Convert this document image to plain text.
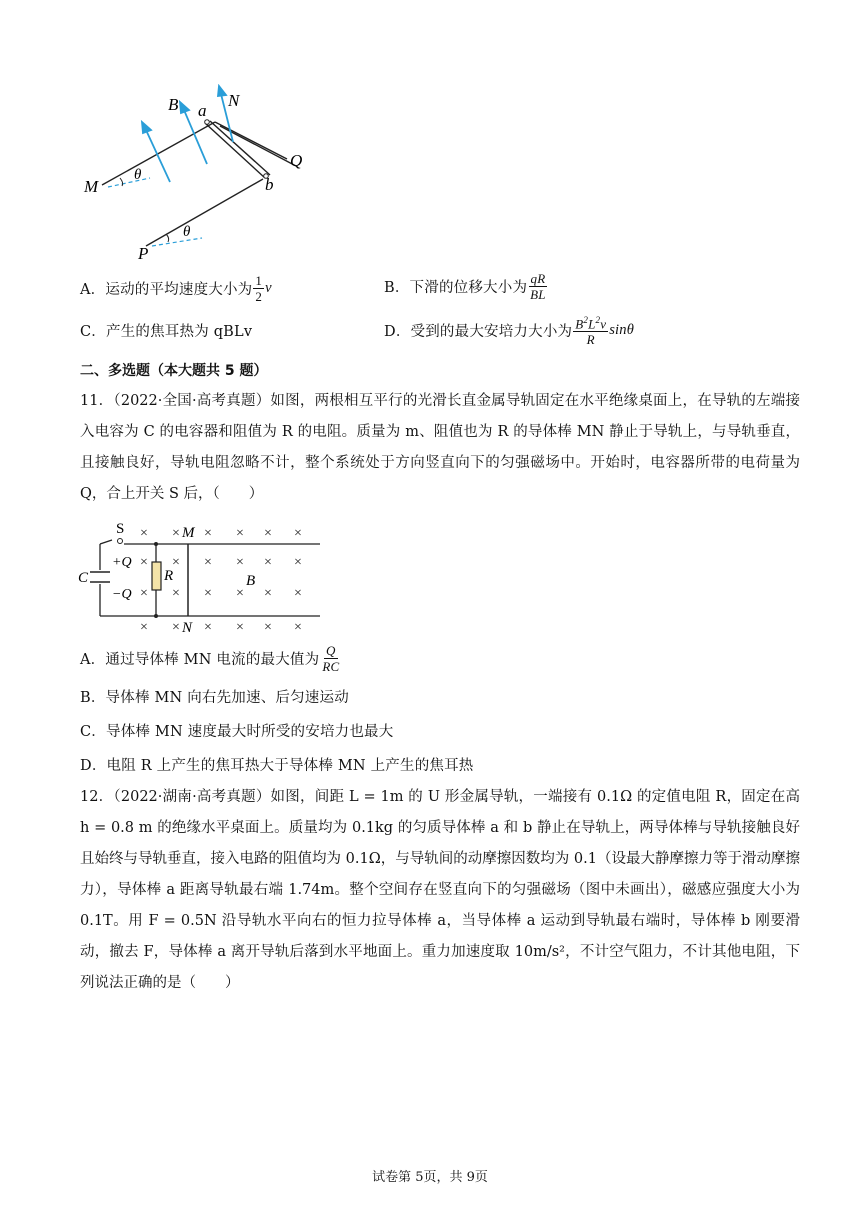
B a
N
Q
M
θ	b
P
θ
A．运动的平均速度大小为 $\frac{1}{2}$ v	B．下滑的位移大小为 $\frac{qR}{BL}$
C．产生的焦耳热为 qBLv	D．受到的最大安培力大小为 $\frac{B^2L^2v}{R}$ sinθ
二、多选题（本大题共 5 题）
11．（2022·全国·高考真题）如图，两根相互平行的光滑长直金属导轨固定在水平绝缘桌面上，在导轨的左端接入电容为 C 的电容器和阻值为 R 的电阻。质量为 m、阻值也为 R 的导体棒 MN 静止于导轨上，与导轨垂直，且接触良好，导轨电阻忽略不计，整个系统处于方向竖直向下的匀强磁场中。开始时，电容器所带的电荷量为 Q，合上开关 S 后，（　　）
× × × × × ×
× × × × × ×
× × × × × ×
× × × × × ×
S	M
N
C	R	B
+Q
−Q
A．通过导体棒 MN 电流的最大值为 $\frac{Q}{RC}$
B．导体棒 MN 向右先加速、后匀速运动
C．导体棒 MN 速度最大时所受的安培力也最大
D．电阻 R 上产生的焦耳热大于导体棒 MN 上产生的焦耳热
12．（2022·湖南·高考真题）如图，间距 L = 1m 的 U 形金属导轨，一端接有 0.1Ω 的定值电阻 R，固定在高 h = 0.8 m 的绝缘水平桌面上。质量均为 0.1kg 的匀质导体棒 a 和 b 静止在导轨上，两导体棒与导轨接触良好且始终与导轨垂直，接入电路的阻值均为 0.1Ω，与导轨间的动摩擦因数均为 0.1（设最大静摩擦力等于滑动摩擦力），导体棒 a 距离导轨最右端 1.74m。整个空间存在竖直向下的匀强磁场（图中未画出），磁感应强度大小为 0.1T。用 F = 0.5N 沿导轨水平向右的恒力拉导体棒 a，当导体棒 a 运动到导轨最右端时，导体棒 b 刚要滑动，撤去 F，导体棒 a 离开导轨后落到水平地面上。重力加速度取 10m/s²，不计空气阻力，不计其他电阻，下列说法正确的是（　　）
试卷第 5页，共 9页
